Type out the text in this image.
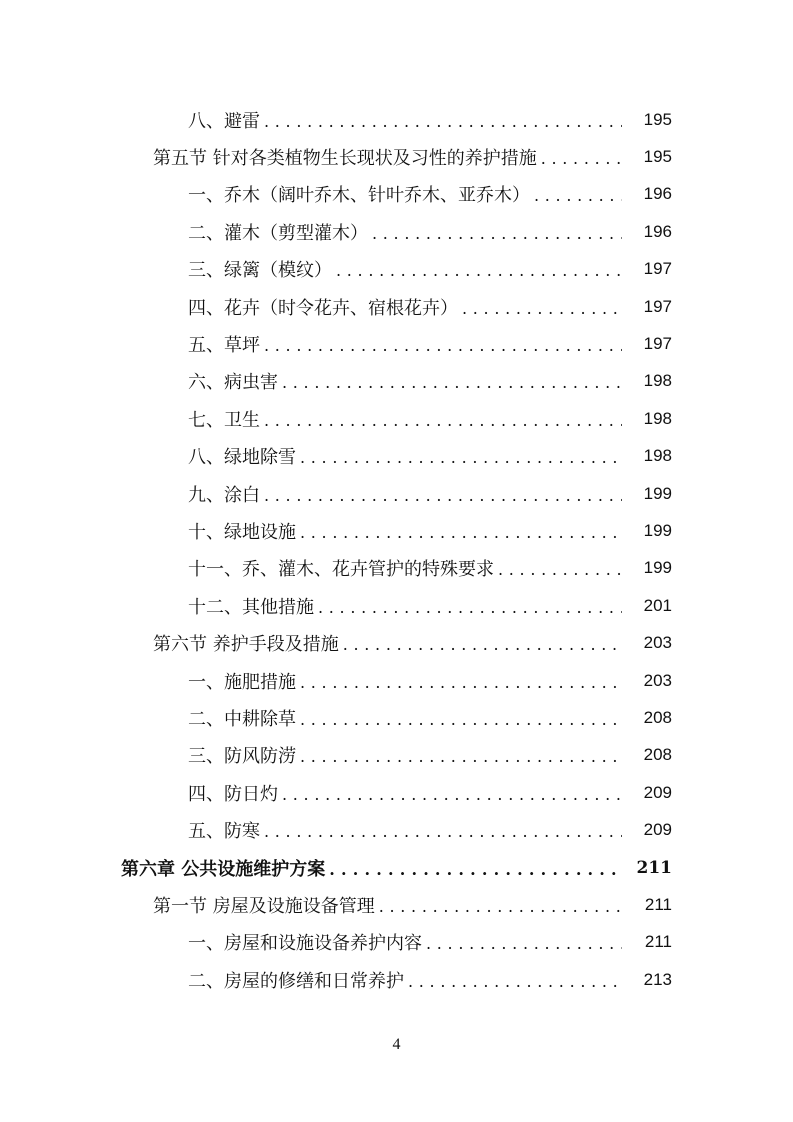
八、避雷 . . .	195
第五节 针对各类植物生长现状及习性的养护措施 . . .	195
一、乔木（阔叶乔木、针叶乔木、亚乔木） . . .	196
二、灌木（剪型灌木） . . .	196
三、绿篱（模纹） . . .	197
四、花卉（时令花卉、宿根花卉） . . .	197
五、草坪 . . .	197
六、病虫害 . . .	198
七、卫生 . . .	198
八、绿地除雪 . . .	198
九、涂白 . . .	199
十、绿地设施 . . .	199
十一、乔、灌木、花卉管护的特殊要求 . . .	199
十二、其他措施 . . .	201
第六节 养护手段及措施 . . .	203
一、施肥措施 . . .	203
二、中耕除草 . . .	208
三、防风防涝 . . .	208
四、防日灼 . . .	209
五、防寒 . . .	209
第六章 公共设施维护方案 . . .	211
第一节 房屋及设施设备管理 . . .	211
一、房屋和设施设备养护内容 . . .	211
二、房屋的修缮和日常养护 . . .	213
4
